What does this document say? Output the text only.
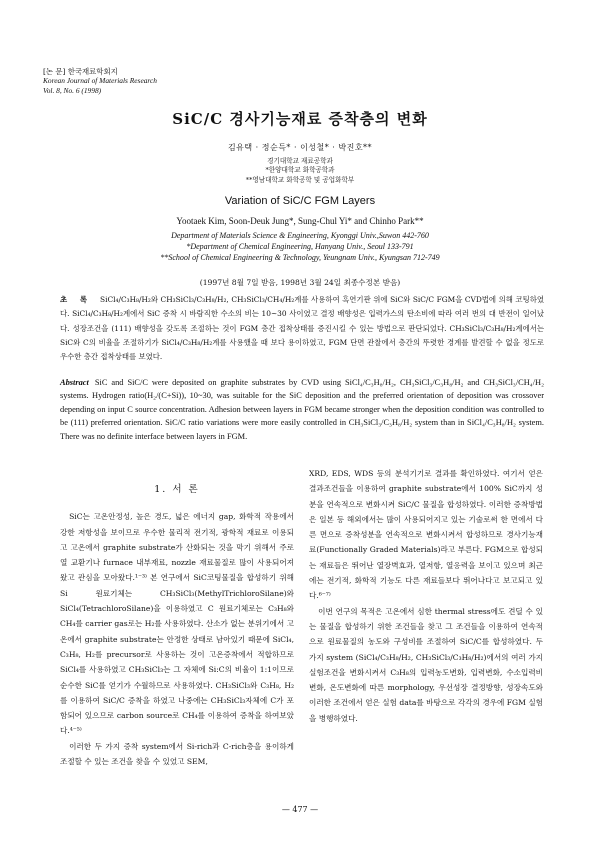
[논 문] 한국재료학회지
Korean Journal of Materials Research
Vol. 8, No. 6 (1998)
SiC/C 경사기능재료 증착층의 변화
김유택 · 정순득* · 이성철* · 박진호**
경기대학교 재료공학과
*한양대학교 화학공학과
**영남대학교 화학공학 및 공업화학부
Variation of SiC/C FGM Layers
Yootaek Kim, Soon-Deuk Jung*, Sung-Chul Yi* and Chinho Park**
Department of Materials Science & Engineering, Kyonggi Univ.,Suwon 442-760
*Department of Chemical Engineering, Hanyang Univ., Seoul 133-791
**School of Chemical Engineering & Technology, Yeungnam Univ., Kyungsan 712-749
(1997년 8월 7일 받음, 1998년 3월 24일 최종수정본 받음)
초 록 SiCl₄/C₃H₈/H₂와 CH₃SiCl₃/C₃H₈/H₂, CH₃SiCl₃/CH₄/H₂계를 사용하여 흑연기판 위에 SiC와 SiC/C FGM을 CVD법에 의해 코팅하였다. SiCl₄/C₃H₈/H₂계에서 SiC 증착 시 바람직한 수소의 비는 10~30 사이였고 결정 배향성은 입력가스의 탄소비에 따라 여러 번의 대 반전이 일어났다. 성장조건을 (111) 배향성을 갖도록 조절하는 것이 FGM 층간 접착상태를 증진시킬 수 있는 방법으로 판단되었다. CH₃SiCl₃/C₃H₈/H₂계에서는 SiC와 C의 비율을 조절하기가 SiCl₄/C₃H₈/H₂계를 사용했을 때 보다 용이하였고, FGM 단면 관찰에서 층간의 뚜렷한 경계를 발견할 수 없을 정도로 우수한 층간 접착상태를 보였다.
Abstract SiC and SiC/C were deposited on graphite substrates by CVD using SiCl₄/C₃H₈/H₂, CH₃SiCl₃/C₃H₈/H₂ and CH₃SiCl₃/CH₄/H₂ systems. Hydrogen ratio(H₂/(C+Si)), 10~30, was suitable for the SiC deposition and the preferred orientation of deposition was crossover depending on input C source concentration. Adhesion between layers in FGM became stronger when the deposition condition was controlled to be (111) preferred orientation. SiC/C ratio variations were more easily controlled in CH₃SiCl₃/C₃H₈/H₂ system than in SiCl₄/C₃H₈/H₂ system. There was no definite interface between layers in FGM.
1. 서 론

SiC는 고온안정성, 높은 경도, 넓은 에너지 gap, 화학적 작용에서 강한 저항성을 보이므로 우수한 물리적 전기적, 광학적 재료로 이용되고 고온에서 graphite substrate가 산화되는 것을 막기 위해서 주로 열 교환기나 furnace 내부재료, nozzle 재료물질로 많이 사용되어져 왔고 관심을 모아왔다.¹⁻³⁾ 본 연구에서 SiC코팅물질을 합성하기 위해 Si 원료기체는 CH₃SiCl₃(MethylTrichloroSilane)와 SiCl₄(TetrachloroSilane)을 이용하였고 C 원료기체로는 C₃H₈와 CH₄를 carrier gas로는 H₂를 사용하였다. 산소가 없는 분위기에서 고온에서 graphite substrate는 안정한 상태로 남아있기 때문에 SiCl₄, C₃H₈, H₂를 precursor로 사용하는 것이 고온증착에서 적합하므로 SiCl₄를 사용하였고 CH₃SiCl₃는 그 자체에 Si:C의 비율이 1:1이므로 순수한 SiC를 얻기가 수월하므로 사용하였다. CH₃SiCl₃와 C₃H₈, H₂를 이용하여 SiC/C 증착을 하였고 나중에는 CH₃SiCl₃자체에 C가 포함되어 있으므로 carbon source로 CH₄를 이용하여 증착을 하여보았다.⁴⁻⁵⁾

이러한 두 가지 증착 system에서 Si-rich과 C-rich층을 용이하게 조절할 수 있는 조건을 찾을 수 있었고 SEM,

XRD, EDS, WDS 등의 분석기기로 결과를 확인하였다. 여기서 얻은 결과조건들을 이용하여 graphite substrate에서 100% SiC까지 성분을 연속적으로 변화시켜 SiC/C 물질을 합성하였다. 이러한 증착방법은 일본 등 해외에서는 많이 사용되어지고 있는 기술로써 한 면에서 다른 면으로 증착성분을 연속적으로 변화시켜서 합성하므로 경사기능재료(Functionally Graded Materials)라고 부른다. FGM으로 합성되는 재료들은 뛰어난 열장벽효과, 열저항, 열응력을 보이고 있으며 최근에는 전기적, 화학적 기능도 다른 재료들보다 뛰어나다고 보고되고 있다.⁶⁻⁷⁾

이번 연구의 목적은 고온에서 심한 thermal stress에도 견딜 수 있는 물질을 합성하기 위한 조건들을 찾고 그 조건들을 이용하여 연속적으로 원료물질의 농도와 구성비를 조절하여 SiC/C를 합성하였다. 두 가지 system (SiCl₄/C₃H₈/H₂, CH₃SiCl₃/C₃H₈/H₂)에서의 여러 가지 실험조건을 변화시켜서 C₃H₈의 입력농도변화, 입력변화, 수소입력비 변화, 온도변화에 따른 morphology, 우선성장 결정방향, 성장속도와 이러한 조건에서 얻은 실험 data를 바탕으로 각각의 경우에 FGM 실험을 병행하였다.

— 477 —
